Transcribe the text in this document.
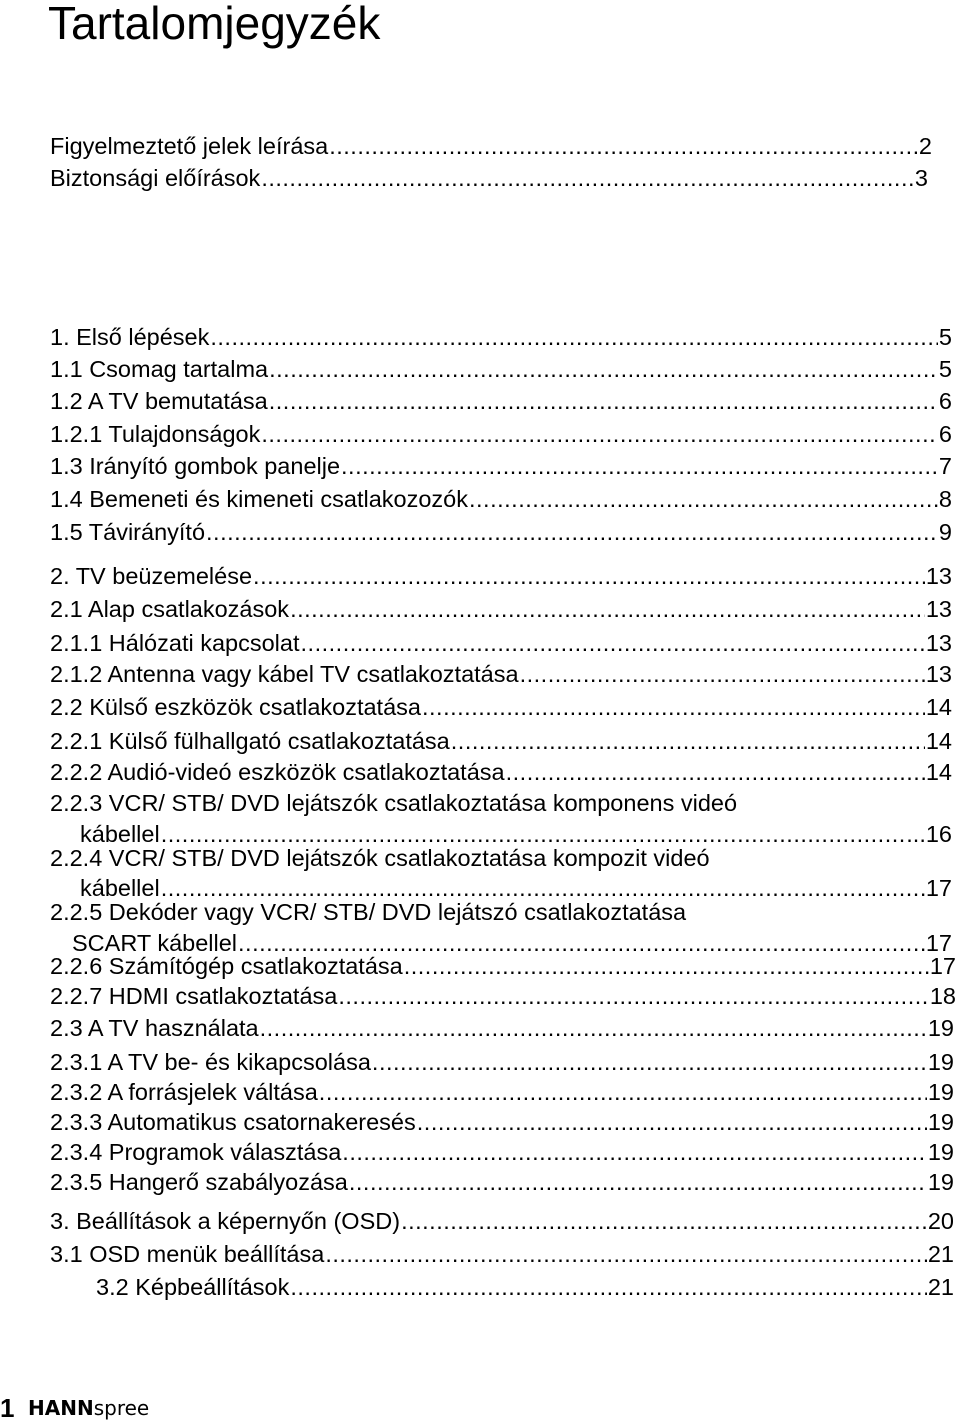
Tartalomjegyzék
Figyelmeztető jelek leírása .....	2
Biztonsági előírások .....	3
1. Első lépések .....	5
1.1 Csomag tartalma .....	5
1.2 A TV bemutatása .....	6
1.2.1 Tulajdonságok .....	6
1.3 Irányító gombok panelje .....	7
1.4 Bemeneti és kimeneti csatlakozozók .....	8
1.5 Távirányító .....	9
2. TV beüzemelése .....	13
2.1 Alap csatlakozások .....	13
2.1.1 Hálózati kapcsolat .....	13
2.1.2 Antenna vagy kábel TV csatlakoztatása .....	13
2.2 Külső eszközök csatlakoztatása .....	14
2.2.1 Külső fülhallgató csatlakoztatása .....	14
2.2.2 Audió-videó eszközök csatlakoztatása .....	14
2.2.3 VCR/ STB/ DVD lejátszók csatlakoztatása komponens videó
kábellel .....	...16
2.2.4 VCR/ STB/ DVD lejátszók csatlakoztatása kompozit videó
kábellel .....	17
2.2.5 Dekóder vagy VCR/ STB/ DVD lejátszó csatlakoztatása
SCART kábellel .....	17
2.2.6 Számítógép csatlakoztatása .....	17
2.2.7 HDMI csatlakoztatása .....	18
2.3 A TV használata .....	19
2.3.1 A TV be- és kikapcsolása .....	19
2.3.2 A forrásjelek váltása .....	19
2.3.3 Automatikus csatornakeresés .....	19
2.3.4 Programok választása .....	19
2.3.5 Hangerő szabályozása .....	19
3. Beállítások a képernyőn (OSD) .....	20
3.1 OSD menük beállítása .....	21
3.2 Képbeállítások .....	21
1 HANNspree
